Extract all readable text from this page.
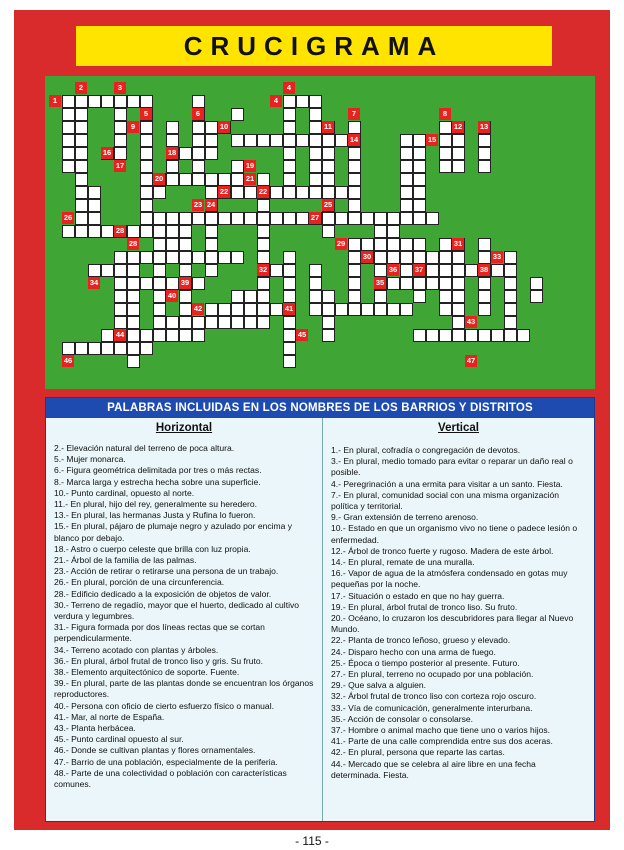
CRUCIGRAMA
1
2	3
4
4
5	6	7	8
9	10	11	12 13
14	15
16
17
18
19
20	21
22
22
23 24	25
26	27
28
28	29
30
31
32
33
34	35
36 37	38
39
40
41
42
43
44	45
46	47
PALABRAS INCLUIDAS EN LOS NOMBRES DE LOS BARRIOS Y DISTRITOS
Horizontal
2.- Elevación natural del terreno de poca altura.
5.- Mujer monarca.
6.- Figura geométrica delimitada por tres o más rectas.
8.- Marca larga y estrecha hecha sobre una superficie.
10.- Punto cardinal, opuesto al norte.
11.- En plural, hijo del rey, generalmente su heredero.
13.- En plural, las hermanas Justa y Rufina lo fueron.
15.- En plural, pájaro de plumaje negro y azulado por encima y blanco por debajo.
18.- Astro o cuerpo celeste que brilla con luz propia.
21.- Árbol de la familia de las palmas.
23.- Acción de retirar o retirarse una persona de un trabajo.
26.- En plural, porción de una circunferencia.
28.- Edificio dedicado a la exposición de objetos de valor.
30.- Terreno de regadío, mayor que el huerto, dedicado al cultivo verdura y legumbres.
31.- Figura formada por dos líneas rectas que se cortan perpendicularmente.
34.- Terreno acotado con plantas y árboles.
36.- En plural, árbol frutal de tronco liso y gris. Su fruto.
38.- Elemento arquitectónico de soporte. Fuente.
39.- En plural, parte de las plantas donde se encuentran los órganos reproductores.
40.- Persona con oficio de cierto esfuerzo físico o manual.
41.- Mar, al norte de España.
43.- Planta herbácea.
45.- Punto cardinal opuesto al sur.
46.- Donde se cultivan plantas y flores ornamentales.
47.- Barrio de una población, especialmente de la periferia.
48.- Parte de una colectividad o población con características comunes.
Vertical
1.- En plural, cofradía o congregación de devotos.
3.- En plural, medio tomado para evitar o reparar un daño real o posible.
4.- Peregrinación a una ermita para visitar a un santo. Fiesta.
7.- En plural, comunidad social con una misma organización política y territorial.
9.- Gran extensión de terreno arenoso.
10.- Estado en que un organismo vivo no tiene o padece lesión o enfermedad.
12.- Árbol de tronco fuerte y rugoso. Madera de este árbol.
14.- En plural, remate de una muralla.
16.- Vapor de agua de la atmósfera condensado en gotas muy pequeñas por la noche.
17.- Situación o estado en que no hay guerra.
19.- En plural, árbol frutal de tronco liso. Su fruto.
20.- Océano, lo cruzaron los descubridores para llegar al Nuevo Mundo.
22.- Planta de tronco leñoso, grueso y elevado.
24.- Disparo hecho con una arma de fuego.
25.- Época o tiempo posterior al presente. Futuro.
27.- En plural, terreno no ocupado por una población.
29.- Que salva a alguien.
32.- Árbol frutal de tronco liso con corteza rojo oscuro.
33.- Vía de comunicación, generalmente interurbana.
35.- Acción de consolar o consolarse.
37.- Hombre o animal macho que tiene uno o varios hijos.
41.- Parte de una calle comprendida entre sus dos aceras.
42.- En plural, persona que reparte las cartas.
44.- Mercado que se celebra al aire libre en una fecha determinada. Fiesta.
- 115 -
